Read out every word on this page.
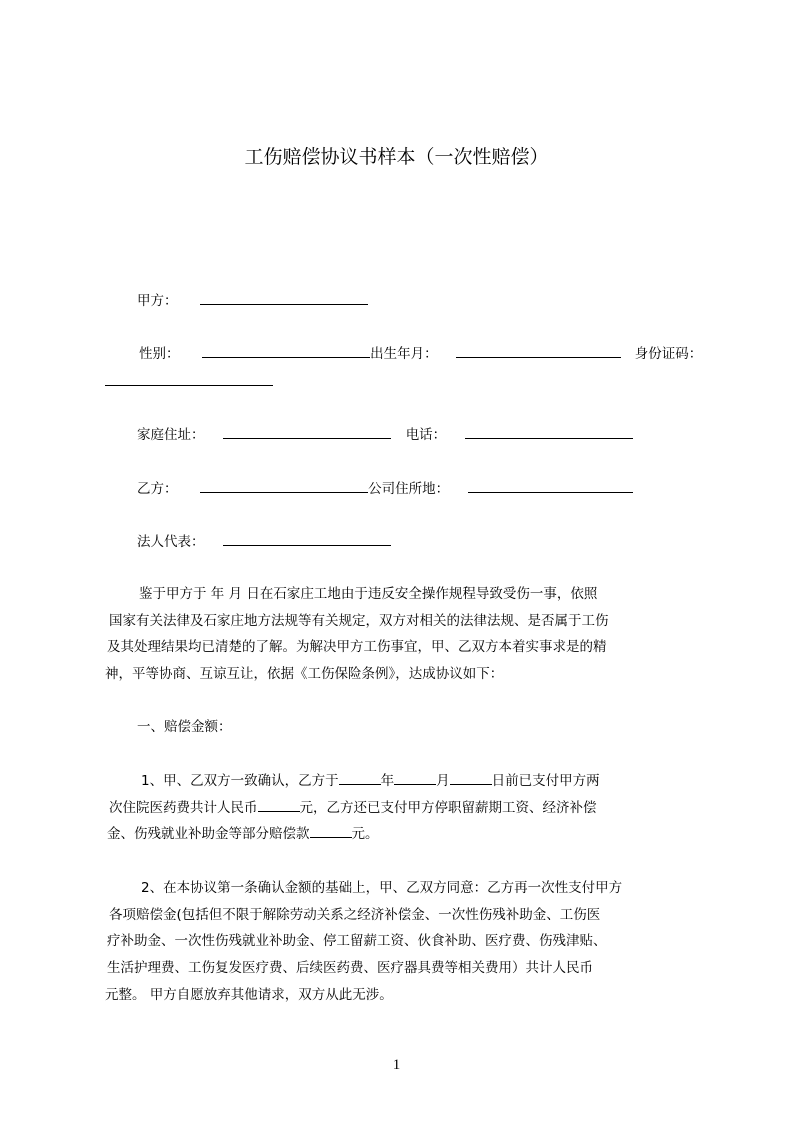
工伤赔偿协议书样本（一次性赔偿）
甲方：
性别：	出生年月：	身份证码：
家庭住址：	电话：
乙方：	公司住所地：
法人代表：
鉴于甲方于 年 月 日在石家庄工地由于违反安全操作规程导致受伤一事，依照
国家有关法律及石家庄地方法规等有关规定，双方对相关的法律法规、是否属于工伤
及其处理结果均已清楚的了解。为解决甲方工伤事宜，甲、乙双方本着实事求是的精
神，平等协商、互谅互让，依据《工伤保险条例》，达成协议如下：
一、赔偿金额：
1、甲、乙双方一致确认，乙方于	年	月	日前已支付甲方两
次住院医药费共计人民币	元，乙方还已支付甲方停职留薪期工资、经济补偿
金、伤残就业补助金等部分赔偿款	元。
2、在本协议第一条确认金额的基础上，甲、乙双方同意：乙方再一次性支付甲方
各项赔偿金(包括但不限于解除劳动关系之经济补偿金、一次性伤残补助金、工伤医
疗补助金、一次性伤残就业补助金、停工留薪工资、伙食补助、医疗费、伤残津贴、
生活护理费、工伤复发医疗费、后续医药费、医疗器具费等相关费用）共计人民币
元整。 甲方自愿放弃其他请求，双方从此无涉。
1
